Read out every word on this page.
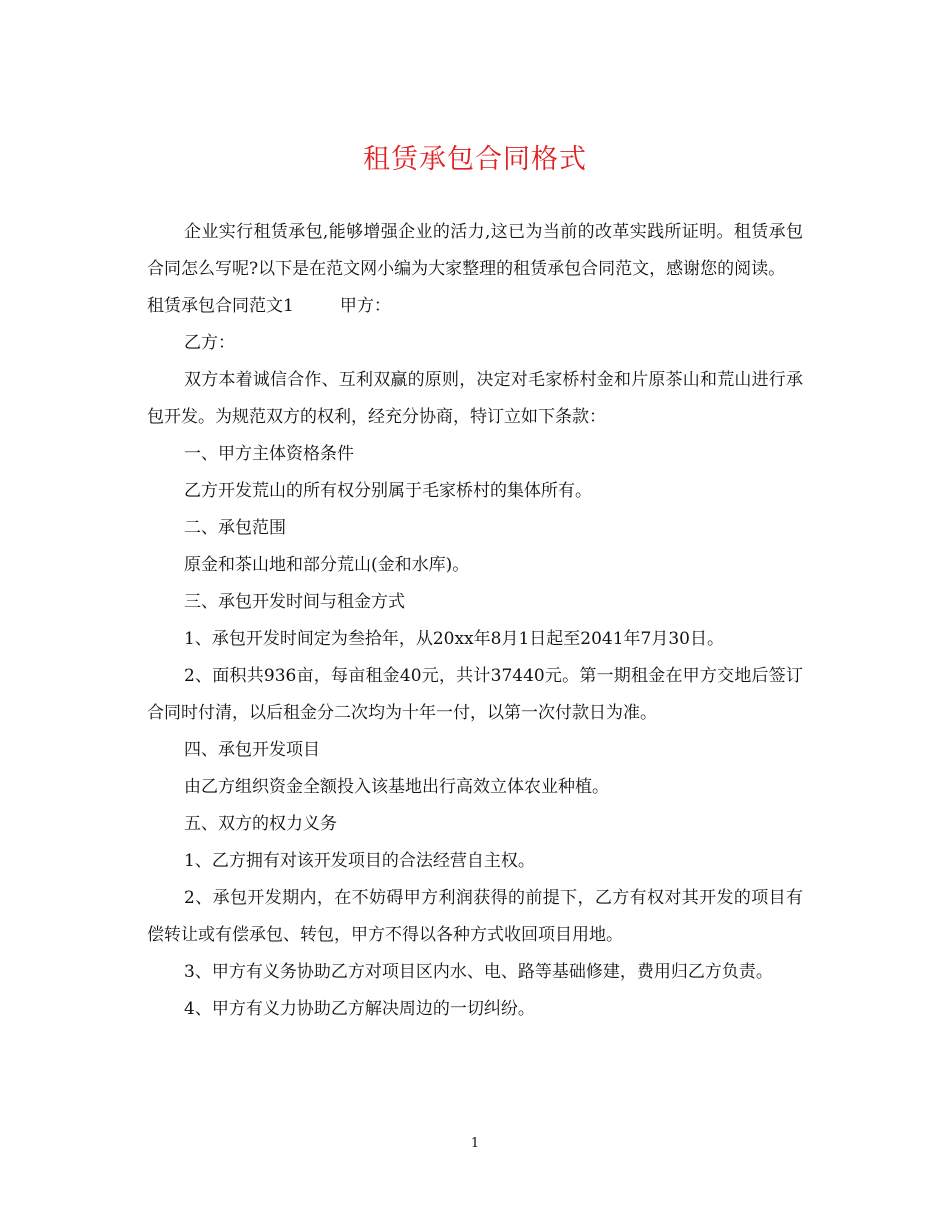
租赁承包合同格式

企业实行租赁承包,能够增强企业的活力,这已为当前的改革实践所证明。租赁承包合同怎么写呢?以下是在范文网小编为大家整理的租赁承包合同范文，感谢您的阅读。

租赁承包合同范文1	甲方：

乙方：

双方本着诚信合作、互利双赢的原则，决定对毛家桥村金和片原茶山和荒山进行承包开发。为规范双方的权利，经充分协商，特订立如下条款：

一、甲方主体资格条件

乙方开发荒山的所有权分别属于毛家桥村的集体所有。

二、承包范围

原金和茶山地和部分荒山(金和水库)。

三、承包开发时间与租金方式

1、承包开发时间定为叁拾年，从20xx年8月1日起至2041年7月30日。

2、面积共936亩，每亩租金40元，共计37440元。第一期租金在甲方交地后签订合同时付清，以后租金分二次均为十年一付，以第一次付款日为准。

四、承包开发项目

由乙方组织资金全额投入该基地出行高效立体农业种植。

五、双方的权力义务

1、乙方拥有对该开发项目的合法经营自主权。

2、承包开发期内，在不妨碍甲方利润获得的前提下，乙方有权对其开发的项目有偿转让或有偿承包、转包，甲方不得以各种方式收回项目用地。

3、甲方有义务协助乙方对项目区内水、电、路等基础修建，费用归乙方负责。

4、甲方有义力协助乙方解决周边的一切纠纷。

1
